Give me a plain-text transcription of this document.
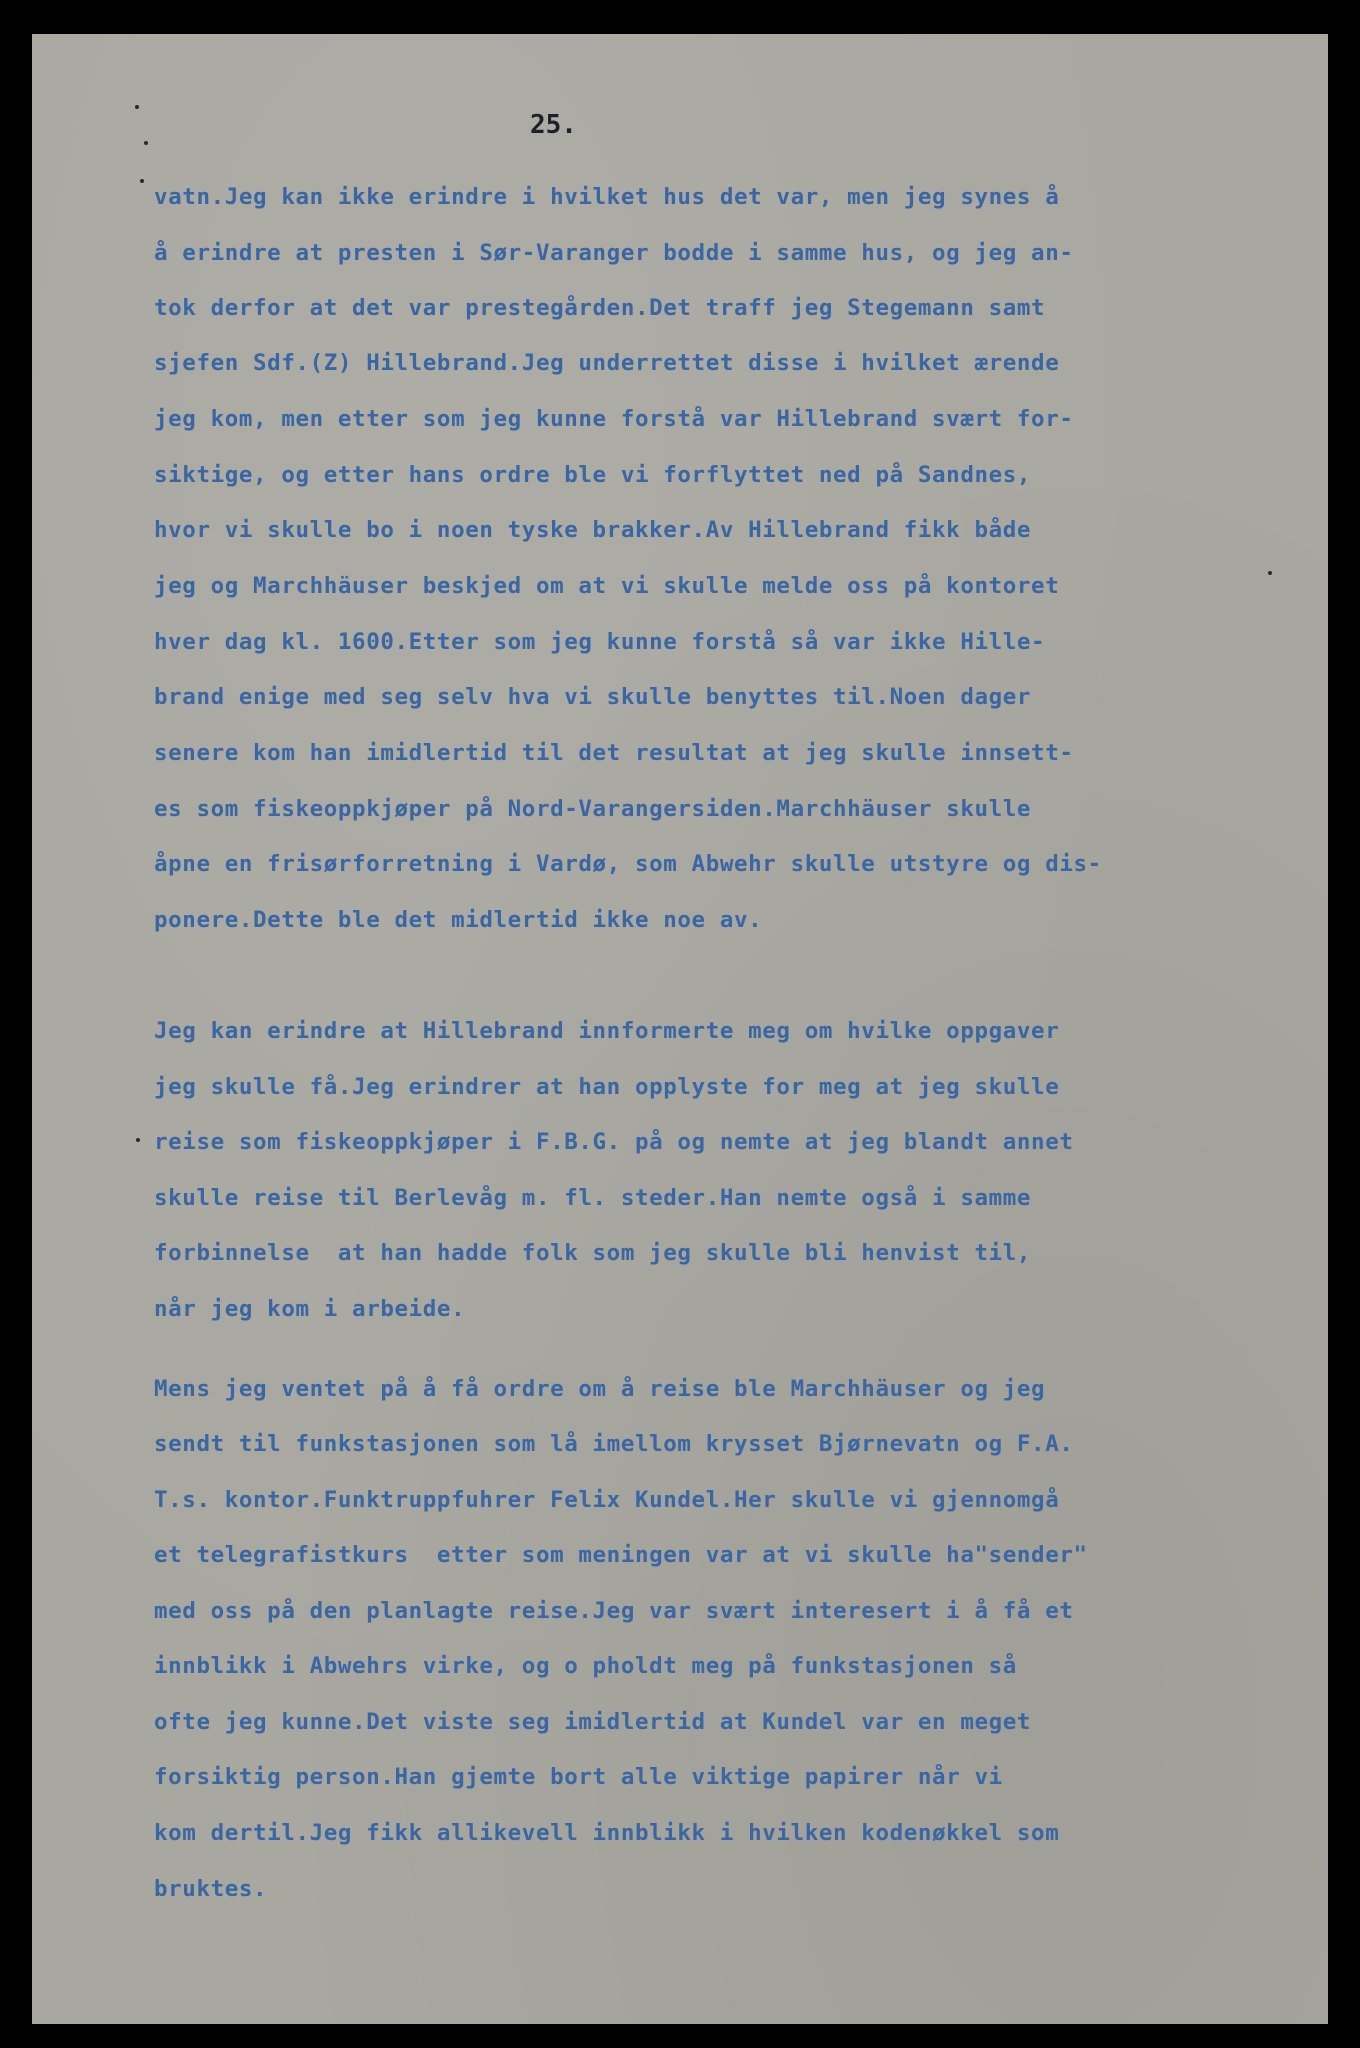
25.

vatn.Jeg kan ikke erindre i hvilket hus det var, men jeg synes å

å erindre at presten i Sør-Varanger bodde i samme hus, og jeg an-

tok derfor at det var prestegården.Det traff jeg Stegemann samt

sjefen Sdf.(Z) Hillebrand.Jeg underrettet disse i hvilket ærende

jeg kom, men etter som jeg kunne forstå var Hillebrand svært for-

siktige, og etter hans ordre ble vi forflyttet ned på Sandnes,

hvor vi skulle bo i noen tyske brakker.Av Hillebrand fikk både

jeg og Marchhäuser beskjed om at vi skulle melde oss på kontoret

hver dag kl. 1600.Etter som jeg kunne forstå så var ikke Hille-

brand enige med seg selv hva vi skulle benyttes til.Noen dager

senere kom han imidlertid til det resultat at jeg skulle innsett-

es som fiskeoppkjøper på Nord-Varangersiden.Marchhäuser skulle

åpne en frisørforretning i Vardø, som Abwehr skulle utstyre og dis-

ponere.Dette ble det midlertid ikke noe av.

Jeg kan erindre at Hillebrand innformerte meg om hvilke oppgaver

jeg skulle få.Jeg erindrer at han opplyste for meg at jeg skulle

reise som fiskeoppkjøper i F.B.G. på og nemte at jeg blandt annet

skulle reise til Berlevåg m. fl. steder.Han nemte også i samme

forbinnelse  at han hadde folk som jeg skulle bli henvist til,

når jeg kom i arbeide.

Mens jeg ventet på å få ordre om å reise ble Marchhäuser og jeg

sendt til funkstasjonen som lå imellom krysset Bjørnevatn og F.A.

T.s. kontor.Funktruppfuhrer Felix Kundel.Her skulle vi gjennomgå

et telegrafistkurs  etter som meningen var at vi skulle ha"sender"

med oss på den planlagte reise.Jeg var svært interesert i å få et

innblikk i Abwehrs virke, og o pholdt meg på funkstasjonen så

ofte jeg kunne.Det viste seg imidlertid at Kundel var en meget

forsiktig person.Han gjemte bort alle viktige papirer når vi

kom dertil.Jeg fikk allikevell innblikk i hvilken kodenøkkel som

bruktes.
